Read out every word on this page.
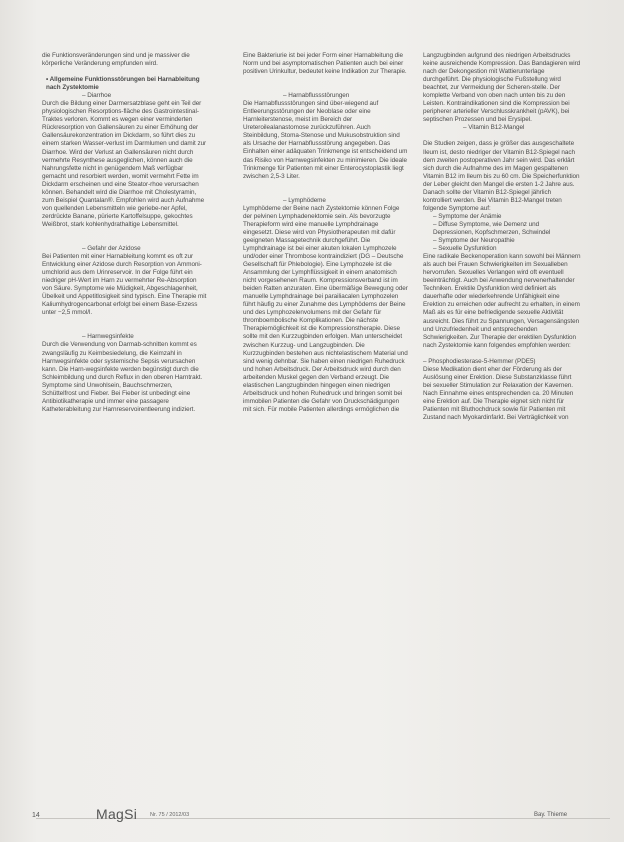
die Funktionsveränderungen sind und je massiver die körperliche Veränderung empfunden wird.

• Allgemeine Funktionsstörungen bei Harnableitung nach Zystektomie

– Diarrhoe

Durch die Bildung einer Darmersatzblase geht ein Teil der physiologischen Resorptions-fläche des Gastrointestinal-Traktes verloren. Kommt es wegen einer verminderten Rückresorption von Gallensäuren zu einer Erhöhung der Gallensäurekonzentration im Dickdarm, so führt dies zu einem starken Wasser-verlust im Darmlumen und damit zur Diarrhoe. Wird der Verlust an Gallensäuren nicht durch vermehrte Resynthese ausgeglichen, können auch die Nahrungsfette nicht in genügendem Maß verfügbar gemacht und resorbiert werden, womit vermehrt Fette im Dickdarm erscheinen und eine Steator-rhoe verursachen können. Behandelt wird die Diarrhoe mit Cholestyramin, zum Beispiel Quantalan®. Empfohlen wird auch Aufnahme von quellenden Lebensmitteln wie geriebe-ner Apfel, zerdrückte Banane, pürierte Kartoffelsuppe, gekochtes Weißbrot, stark kohlenhydrathaltige Lebensmittel.

– Gefahr der Azidose

Bei Patienten mit einer Harnableitung kommt es oft zur Entwicklung einer Azidose durch Resorption von Ammoni-umchlorid aus dem Urinreservoir. In der Folge führt ein niedriger pH-Wert im Harn zu vermehrter Re-Absorption von Säure. Symptome wie Müdigkeit, Abgeschlagenheit, Übelkeit und Appetitlosigkeit sind typisch. Eine Therapie mit Kaliumhydrogencarbonat erfolgt bei einem Base-Exzess unter −2,5 mmol/l.

– Harnwegsinfekte

Durch die Verwendung von Darmab-schnitten kommt es zwangsläufig zu Keimbesiedelung, die Keimzahl in Harnwegsinfekte oder systemische Sepsis verursachen kann. Die Harn-wegsinfekte werden begünstigt durch die Schleimbildung und durch Reflux in den oberen Harntrakt. Symptome sind Unwohlsein, Bauchschmerzen, Schüttelfrost und Fieber. Bei Fieber ist unbedingt eine Antibiotikatherapie und immer eine passagere Katheterableitung zur Harnreservoirentleerung indiziert.

Eine Bakteriurie ist bei jeder Form einer Harnableitung die Norm und bei asymptomatischen Patienten auch bei einer positiven Urinkultur, bedeutet keine Indikation zur Therapie.

– Harnabflussstörungen

Die Harnabflussstörungen sind über-wiegend auf Entleerungsstörungen der Neoblase oder eine Harnleiterstenose, meist im Bereich der Ureteroilealanastomose zurückzuführen. Auch Steinbildung, Stoma-Stenose und Mukusobstruktion sind als Ursache der Harnabflussstörung angegeben. Das Einhalten einer adäquaten Trinkmenge ist entscheidend um das Risiko von Harnwegsinfekten zu minimieren. Die ideale Trinkmenge für Patienten mit einer Enterocystoplastik liegt zwischen 2,5-3 Liter.

– Lymphödeme

Lymphödeme der Beine nach Zystektomie können Folge der pelvinen Lymphadenektomie sein. Als bevorzugte Therapieform wird eine manuelle Lymphdrainage eingesetzt. Diese wird von Physiotherapeuten mit dafür geeigneten Massagetechnik durchgeführt. Die Lymphdrainage ist bei einer akuten lokalen Lymphozele und/oder einer Thrombose kontraindiziert (DG – Deutsche Gesellschaft für Phlebologie). Eine Lymphozele ist die Ansammlung der Lymphflüssigkeit in einem anatomisch nicht vorgesehenen Raum. Kompressionsverband ist im beiden Ratten anzuraten. Eine übermäßige Bewegung oder manuelle Lymphdrainage bei parailiacalen Lymphozelen führt häufig zu einer Zunahme des Lymphödems der Beine und des Lymphozelenvolumens mit der Gefahr für thromboembolische Komplikationen. Die nächste Therapiemöglichkeit ist die Kompressionstherapie. Diese sollte mit den Kurzzugbinden erfolgen. Man unterscheidet zwischen Kurzzug- und Langzugbinden. Die Kurzzugbinden bestehen aus nichtelastischem Material und sind wenig dehnbar. Sie haben einen niedrigen Ruhedruck und hohen Arbeitsdruck. Der Arbeitsdruck wird durch den arbeitenden Muskel gegen den Verband erzeugt. Die elastischen Langzugbinden hingegen einen niedrigen Arbeitsdruck und hohen Ruhedruck und bringen somit bei immobilen Patienten die Gefahr von Druckschädigungen mit sich. Für mobile Patienten allerdings ermöglichen die

Langzugbinden aufgrund des niedrigen Arbeitsdrucks keine ausreichende Kompression. Das Bandagieren wird nach der Dekongestion mit Wattierunterlage durchgeführt. Die physiologische Fußstellung wird beachtet, zur Vermeidung der Scheren-stelle. Der komplette Verband von oben nach unten bis zu den Leisten. Kontraindikationen sind die Kompression bei peripherer arterieller Verschlusskrankheit (pAVK), bei septischen Prozessen und bei Erysipel.

– Vitamin B12-Mangel

Die Studien zeigen, dass je größer das ausgeschaltete Ileum ist, desto niedriger der Vitamin B12-Spiegel nach dem zweiten postoperativen Jahr sein wird. Das erklärt sich durch die Aufnahme des im Magen gespaltenen Vitamin B12 im Ileum bis zu 60 cm. Die Speicherfunktion der Leber gleicht den Mangel die ersten 1-2 Jahre aus. Danach sollte der Vitamin B12-Spiegel jährlich kontrolliert werden. Bei Vitamin B12-Mangel treten folgende Symptome auf:

– Symptome der Anämie

– Diffuse Symptome, wie Demenz und Depressionen, Kopfschmerzen, Schwindel

– Symptome der Neuropathie

– Sexuelle Dysfunktion

Eine radikale Beckenoperation kann sowohl bei Männern als auch bei Frauen Schwierigkeiten im Sexualleben hervorrufen. Sexuelles Verlangen wird oft eventuell beeinträchtigt. Auch bei Anwendung nervenerhaltender Techniken. Erektile Dysfunktion wird definiert als dauerhafte oder wiederkehrende Unfähigkeit eine Erektion zu erreichen oder aufrecht zu erhalten, in einem Maß als es für eine befriedigende sexuelle Aktivität ausreicht. Dies führt zu Spannungen, Versagensängsten und Unzufriedenheit und entsprechenden Schwierigkeiten. Zur Therapie der erektilen Dysfunktion nach Zystektomie kann folgendes empfohlen werden:

– Phosphodiesterase-5-Hemmer (PDE5)

Diese Medikation dient eher der Förderung als der Auslösung einer Erektion. Diese Substanzklasse führt bei sexueller Stimulation zur Relaxation der Kavernen. Nach Einnahme eines entsprechenden ca. 20 Minuten eine Erektion auf. Die Therapie eignet sich nicht für Patienten mit Bluthochdruck sowie für Patienten mit Zustand nach Myokardinfarkt. Bei Verträglichkeit von

14	MagSi Nr. 75 / 2012/03	Bay. Thieme
